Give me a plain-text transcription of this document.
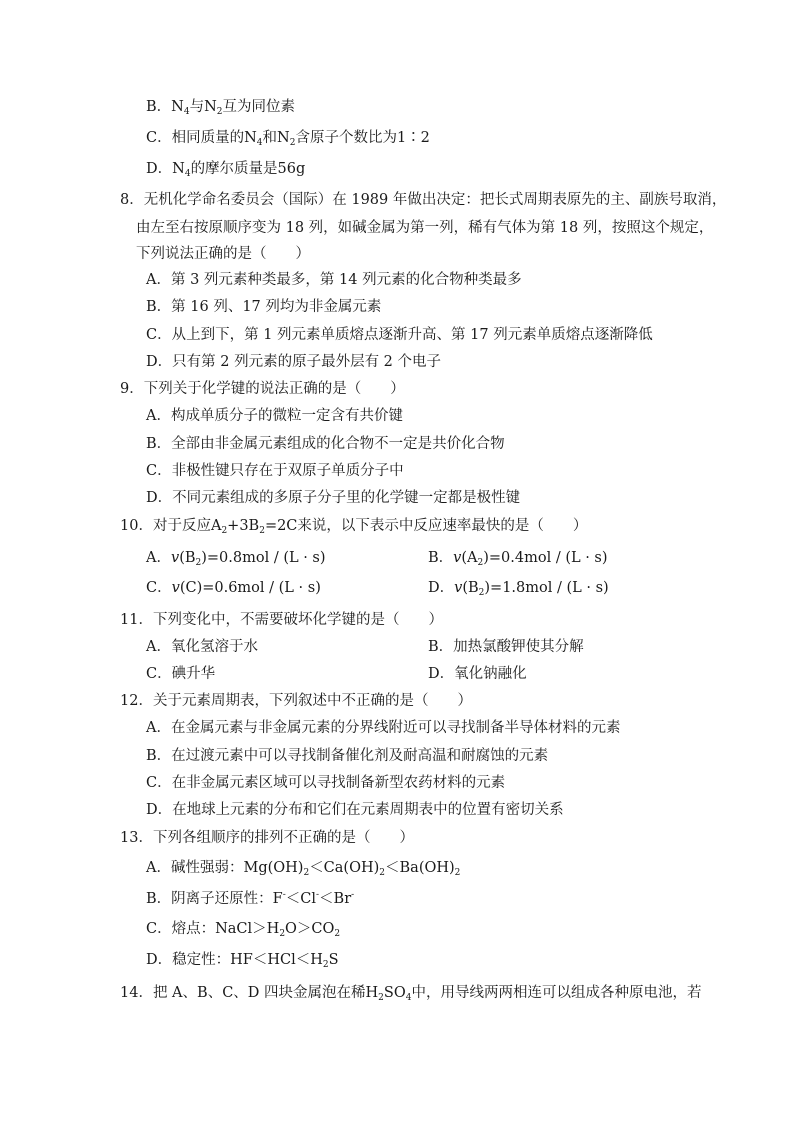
B．$N_4$与$N_2$互为同位素
C．相同质量的$N_4$和$N_2$含原子个数比为1∶2
D．$N_4$的摩尔质量是56g
8．无机化学命名委员会（国际）在 1989 年做出决定：把长式周期表原先的主、副族号取消，
由左至右按原顺序变为 18 列，如碱金属为第一列，稀有气体为第 18 列，按照这个规定，
下列说法正确的是（　　）
A．第 3 列元素种类最多，第 14 列元素的化合物种类最多
B．第 16 列、17 列均为非金属元素
C．从上到下，第 1 列元素单质熔点逐渐升高、第 17 列元素单质熔点逐渐降低
D．只有第 2 列元素的原子最外层有 2 个电子
9．下列关于化学键的说法正确的是（　　）
A．构成单质分子的微粒一定含有共价键
B．全部由非金属元素组成的化合物不一定是共价化合物
C．非极性键只存在于双原子单质分子中
D．不同元素组成的多原子分子里的化学键一定都是极性键
10．对于反应$A_2+3B_2=2C$来说，以下表示中反应速率最快的是（　　）
A．$v(B_2)=0.8mol / (L \cdot s)$	B．$v(A_2)=0.4mol / (L \cdot s)$
C．v(C)=0.6mol / (L · s)	D．$v(B_2)=1.8mol / (L \cdot s)$
11．下列变化中，不需要破坏化学键的是（　　）
A．氧化氢溶于水	B．加热氯酸钾使其分解
C．碘升华	D．氧化钠融化
12．关于元素周期表，下列叙述中不正确的是（　　）
A．在金属元素与非金属元素的分界线附近可以寻找制备半导体材料的元素
B．在过渡元素中可以寻找制备催化剂及耐高温和耐腐蚀的元素
C．在非金属元素区域可以寻找制备新型农药材料的元素
D．在地球上元素的分布和它们在元素周期表中的位置有密切关系
13．下列各组顺序的排列不正确的是（　　）
A．碱性强弱：$Mg(OH)_2<Ca(OH)_2<Ba(OH)_2$
B．阴离子还原性：F-＜Cl-＜Br-
C．熔点：$NaCl>H_2O>CO_2$
D．稳定性：$HF<HCl<H_2S$
14．把 A、B、C、D 四块金属泡在稀$H_2SO_4$中，用导线两两相连可以组成各种原电池，若
